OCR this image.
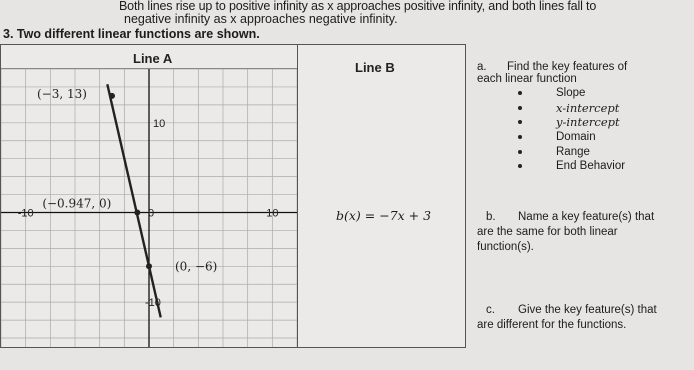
Both lines rise up to positive infinity as x approaches positive infinity, and both lines fall to
negative infinity as x approaches negative infinity.
3. Two different linear functions are shown.
Line A
Line B
-10	0	10
10
-10
(−3, 13)
(−0.947, 0)
(0, −6)
b(x) = −7x + 3
a. Find the key features of
each linear function
Slope
x-intercept
y-intercept
Domain
Range
End Behavior
b. Name a key feature(s) that
are the same for both linear
function(s).
c. Give the key feature(s) that
are different for the functions.
